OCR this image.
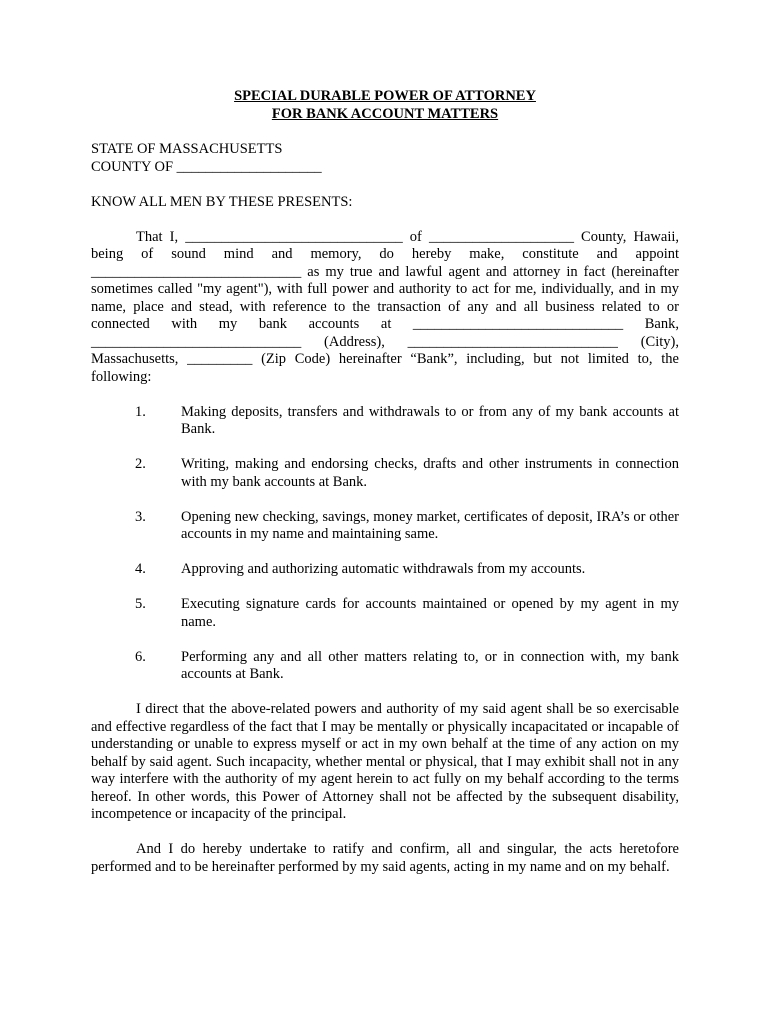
SPECIAL DURABLE POWER OF ATTORNEY
FOR BANK ACCOUNT MATTERS
STATE OF MASSACHUSETTS
COUNTY OF ____________________
KNOW ALL MEN BY THESE PRESENTS:

That I, ______________________________ of ____________________ County, Hawaii, being of sound mind and memory, do hereby make, constitute and appoint _____________________________ as my true and lawful agent and attorney in fact (hereinafter sometimes called "my agent"), with full power and authority to act for me, individually, and in my name, place and stead, with reference to the transaction of any and all business related to or connected with my bank accounts at _____________________________ Bank, _____________________________ (Address), _____________________________ (City), Massachusetts, _________ (Zip Code) hereinafter “Bank”, including, but not limited to, the following:

1.	Making deposits, transfers and withdrawals to or from any of my bank accounts at Bank.
2.	Writing, making and endorsing checks, drafts and other instruments in connection with my bank accounts at Bank.
3.	Opening new checking, savings, money market, certificates of deposit, IRA’s or other accounts in my name and maintaining same.
4.	Approving and authorizing automatic withdrawals from my accounts.
5.	Executing signature cards for accounts maintained or opened by my agent in my name.
6.	Performing any and all other matters relating to, or in connection with, my bank accounts at Bank.

I direct that the above-related powers and authority of my said agent shall be so exercisable and effective regardless of the fact that I may be mentally or physically incapacitated or incapable of understanding or unable to express myself or act in my own behalf at the time of any action on my behalf by said agent. Such incapacity, whether mental or physical, that I may exhibit shall not in any way interfere with the authority of my agent herein to act fully on my behalf according to the terms hereof. In other words, this Power of Attorney shall not be affected by the subsequent disability, incompetence or incapacity of the principal.

And I do hereby undertake to ratify and confirm, all and singular, the acts heretofore performed and to be hereinafter performed by my said agents, acting in my name and on my behalf.
